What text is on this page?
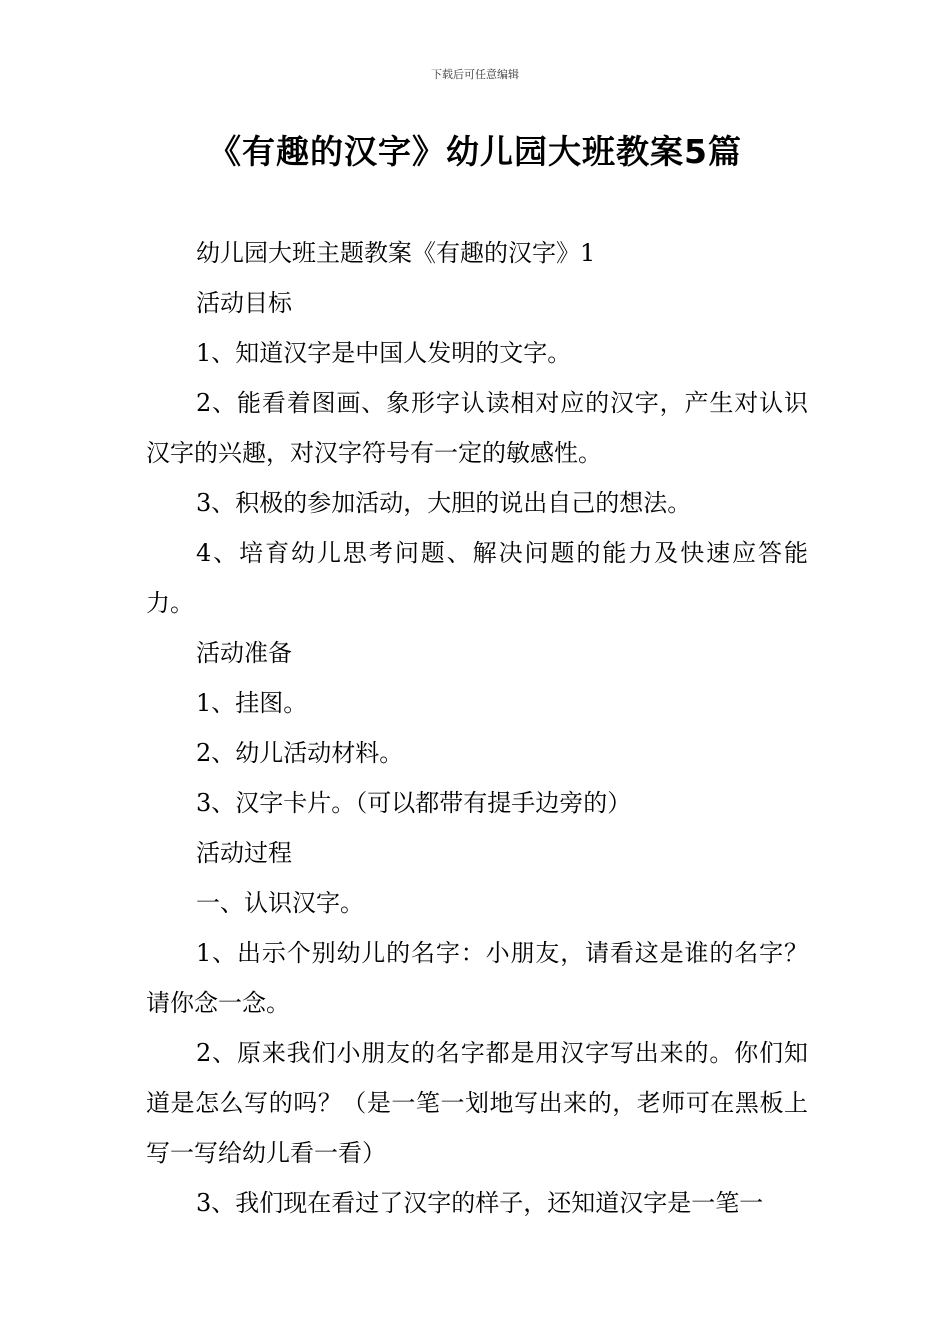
下载后可任意编辑
《有趣的汉字》幼儿园大班教案5篇

幼儿园大班主题教案《有趣的汉字》1

活动目标

1、知道汉字是中国人发明的文字。

2、能看着图画、象形字认读相对应的汉字，产生对认识汉字的兴趣，对汉字符号有一定的敏感性。

3、积极的参加活动，大胆的说出自己的想法。

4、培育幼儿思考问题、解决问题的能力及快速应答能力。

活动准备

1、挂图。

2、幼儿活动材料。

3、汉字卡片。（可以都带有提手边旁的）

活动过程

一、认识汉字。

1、出示个别幼儿的名字：小朋友，请看这是谁的名字？请你念一念。

2、原来我们小朋友的名字都是用汉字写出来的。你们知道是怎么写的吗？（是一笔一划地写出来的，老师可在黑板上写一写给幼儿看一看）

3、我们现在看过了汉字的样子，还知道汉字是一笔一
